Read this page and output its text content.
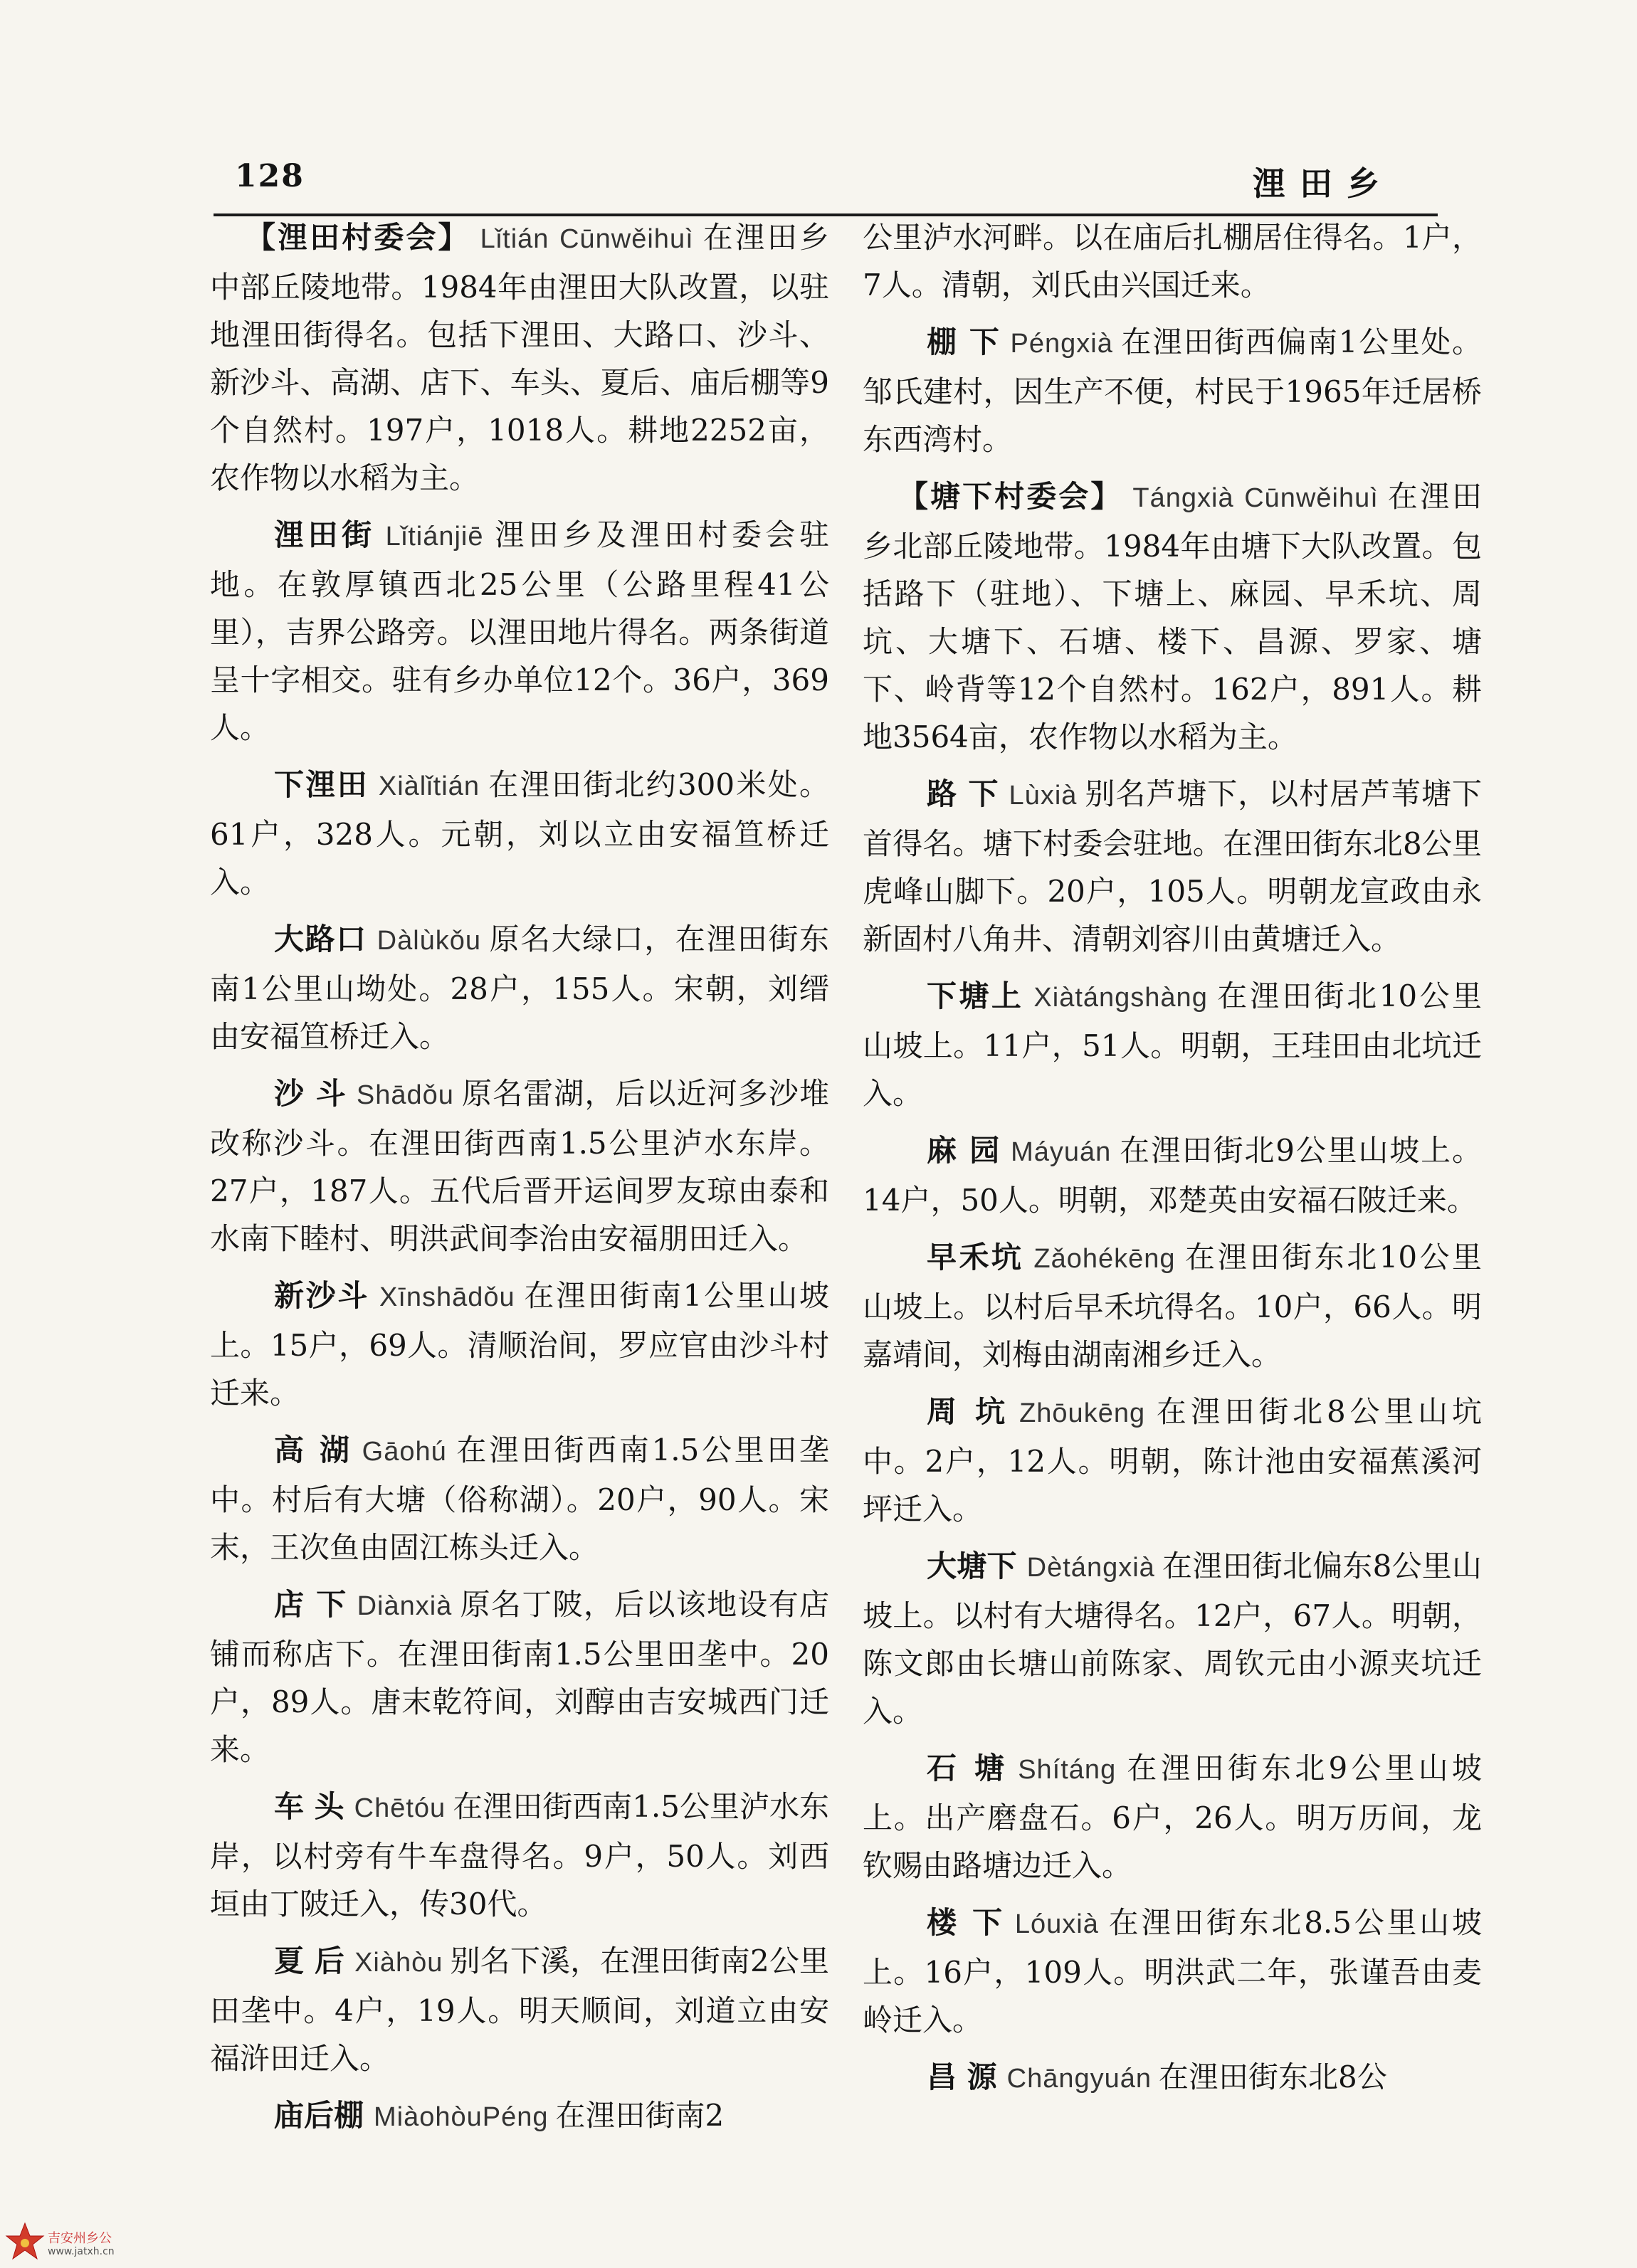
128	浬田乡

【浬田村委会】 Lǐtián Cūnwěihuì 在浬田乡中部丘陵地带。1984年由浬田大队改置，以驻地浬田街得名。包括下浬田、大路口、沙斗、新沙斗、高湖、店下、车头、夏后、庙后棚等9个自然村。197户，1018人。耕地2252亩，农作物以水稻为主。

浬田街 Lǐtiánjiē 浬田乡及浬田村委会驻地。在敦厚镇西北25公里（公路里程41公里），吉界公路旁。以浬田地片得名。两条街道呈十字相交。驻有乡办单位12个。36户，369人。

下浬田 Xiàlǐtián 在浬田街北约300米处。61户，328人。元朝，刘以立由安福笪桥迁入。

大路口 Dàlùkǒu 原名大绿口，在浬田街东南1公里山坳处。28户，155人。宋朝，刘缙由安福笪桥迁入。

沙 斗 Shādǒu 原名雷湖，后以近河多沙堆改称沙斗。在浬田街西南1.5公里泸水东岸。27户，187人。五代后晋开运间罗友琼由泰和水南下睦村、明洪武间李治由安福朋田迁入。

新沙斗 Xīnshādǒu 在浬田街南1公里山坡上。15户，69人。清顺治间，罗应官由沙斗村迁来。

高 湖 Gāohú 在浬田街西南1.5公里田垄中。村后有大塘（俗称湖）。20户，90人。宋末，王次鱼由固江栋头迁入。

店 下 Diànxià 原名丁陂，后以该地设有店铺而称店下。在浬田街南1.5公里田垄中。20户，89人。唐末乾符间，刘醇由吉安城西门迁来。

车 头 Chētóu 在浬田街西南1.5公里泸水东岸，以村旁有牛车盘得名。9户，50人。刘西垣由丁陂迁入，传30代。

夏 后 Xiàhòu 别名下溪，在浬田街南2公里田垄中。4户，19人。明天顺间，刘道立由安福浒田迁入。

庙后棚 MiàohòuPéng 在浬田街南2

公里泸水河畔。以在庙后扎棚居住得名。1户，7人。清朝，刘氏由兴国迁来。

棚 下 Péngxià 在浬田街西偏南1公里处。邹氏建村，因生产不便，村民于1965年迁居桥东西湾村。

【塘下村委会】 Tángxià Cūnwěihuì 在浬田乡北部丘陵地带。1984年由塘下大队改置。包括路下（驻地）、下塘上、麻园、早禾坑、周坑、大塘下、石塘、楼下、昌源、罗家、塘下、岭背等12个自然村。162户，891人。耕地3564亩，农作物以水稻为主。

路 下 Lùxià 别名芦塘下，以村居芦苇塘下首得名。塘下村委会驻地。在浬田街东北8公里虎峰山脚下。20户，105人。明朝龙宣政由永新固村八角井、清朝刘容川由黄塘迁入。

下塘上 Xiàtángshàng 在浬田街北10公里山坡上。11户，51人。明朝，王珪田由北坑迁入。

麻 园 Máyuán 在浬田街北9公里山坡上。14户，50人。明朝，邓楚英由安福石陂迁来。

早禾坑 Zǎohékēng 在浬田街东北10公里山坡上。以村后早禾坑得名。10户，66人。明嘉靖间，刘梅由湖南湘乡迁入。

周 坑 Zhōukēng 在浬田街北8公里山坑中。2户，12人。明朝，陈计池由安福蕉溪河坪迁入。

大塘下 Dètángxià 在浬田街北偏东8公里山坡上。以村有大塘得名。12户，67人。明朝，陈文郎由长塘山前陈家、周钦元由小源夹坑迁入。

石 塘 Shítáng 在浬田街东北9公里山坡上。出产磨盘石。6户，26人。明万历间，龙钦赐由路塘边迁入。

楼 下 Lóuxià 在浬田街东北8.5公里山坡上。16户，109人。明洪武二年，张谨吾由麦岭迁入。

昌 源 Chāngyuán 在浬田街东北8公

吉安州乡公
www.jatxh.cn
